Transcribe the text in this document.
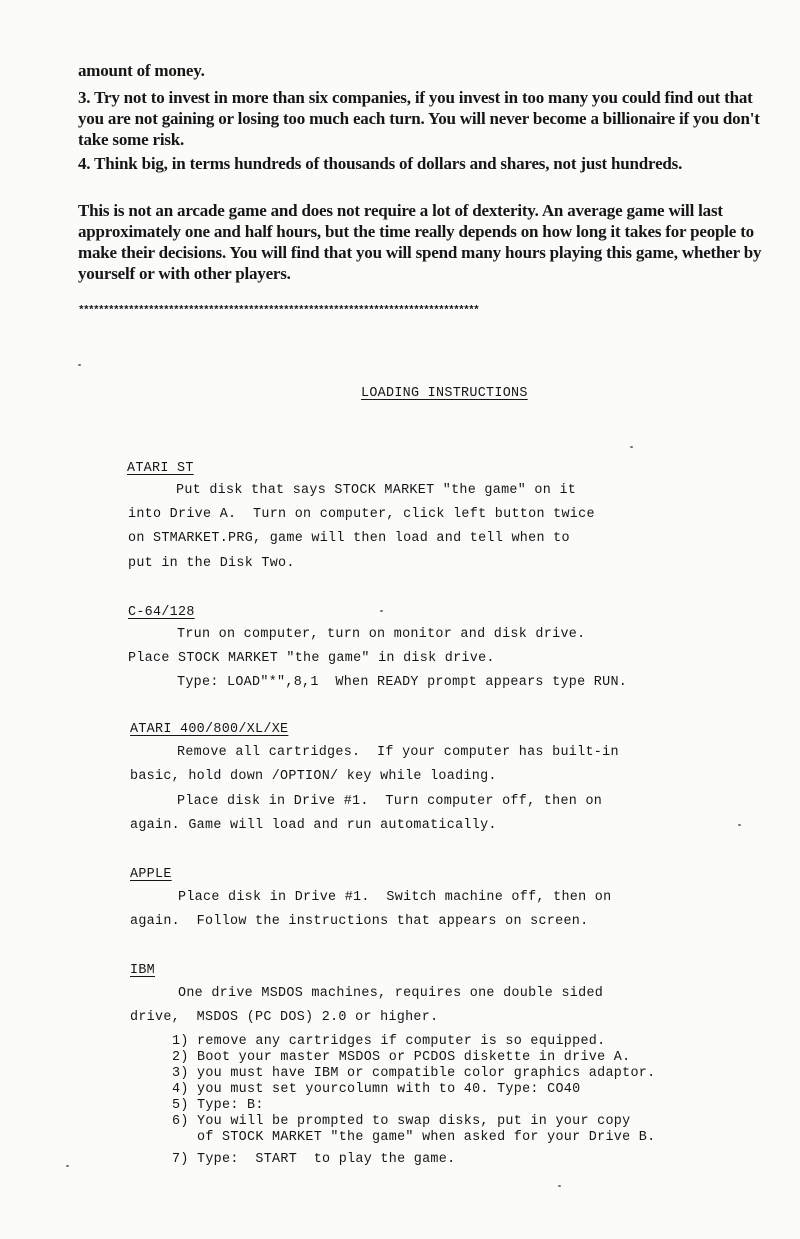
amount of money.

3. Try not to invest in more than six companies, if you invest in too many you could find out that you are not gaining or losing too much each turn. You will never become a billionaire if you don't take some risk.

4. Think big, in terms hundreds of thousands of dollars and shares, not just hundreds.

This is not an arcade game and does not require a lot of dexterity. An average game will last approximately one and half hours, but the time really depends on how long it takes for people to make their decisions. You will find that you will spend many hours playing this game, whether by yourself or with other players.

********************************************************************************
LOADING INSTRUCTIONS
ATARI ST
Put disk that says STOCK MARKET "the game" on it
into Drive A.  Turn on computer, click left button twice
on STMARKET.PRG, game will then load and tell when to
put in the Disk Two.
C-64/128
Trun on computer, turn on monitor and disk drive.
Place STOCK MARKET "the game" in disk drive.
Type: LOAD"*",8,1  When READY prompt appears type RUN.
ATARI 400/800/XL/XE
Remove all cartridges.  If your computer has built-in
basic, hold down /OPTION/ key while loading.
Place disk in Drive #1.  Turn computer off, then on
again. Game will load and run automatically.
APPLE
Place disk in Drive #1.  Switch machine off, then on
again.  Follow the instructions that appears on screen.
IBM
One drive MSDOS machines, requires one double sided
drive,  MSDOS (PC DOS) 2.0 or higher.
1) remove any cartridges if computer is so equipped.
2) Boot your master MSDOS or PCDOS diskette in drive A.
3) you must have IBM or compatible color graphics adaptor.
4) you must set yourcolumn with to 40. Type: CO40
5) Type: B:
6) You will be prompted to swap disks, put in your copy
of STOCK MARKET "the game" when asked for your Drive B.
7) Type:  START  to play the game.
